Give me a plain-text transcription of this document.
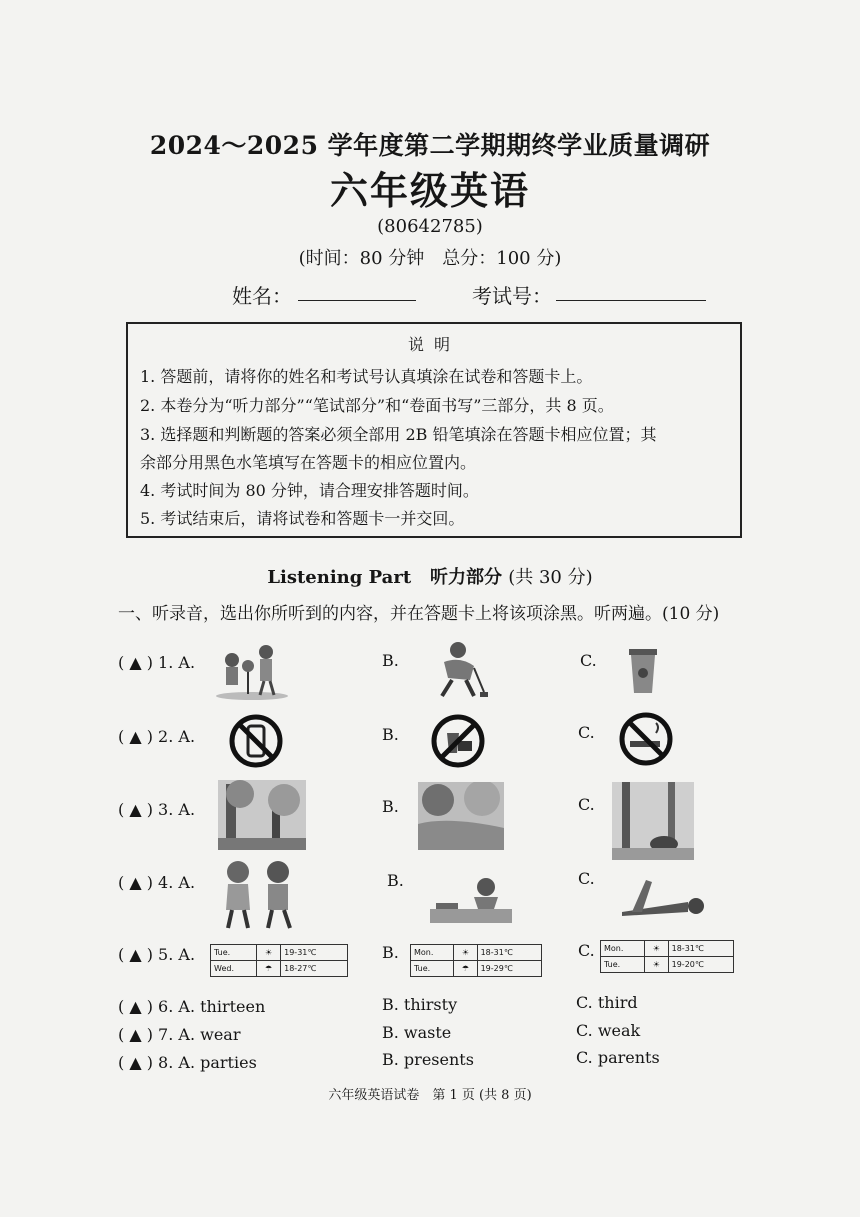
2024～2025 学年度第二学期期终学业质量调研
六年级英语
(80642785)
(时间：80 分钟　总分：100 分)
姓名：	考试号：
说明
1. 答题前，请将你的姓名和考试号认真填涂在试卷和答题卡上。
2. 本卷分为“听力部分”“笔试部分”和“卷面书写”三部分，共 8 页。
3. 选择题和判断题的答案必须全部用 2B 铅笔填涂在答题卡相应位置；其
余部分用黑色水笔填写在答题卡的相应位置内。
4. 考试时间为 80 分钟，请合理安排答题时间。
5. 考试结束后，请将试卷和答题卡一并交回。
Listening Part 听力部分 (共 30 分)
一、听录音，选出你所听到的内容，并在答题卡上将该项涂黑。听两遍。(10 分)
( ▲ ) 1. A.	B.	C.
( ▲ ) 2. A.	B.	C.
( ▲ ) 3. A.	B.	C.
( ▲ ) 4. A.	B.	C.
( ▲ ) 5. A. Tue.	☀	19-31℃
Wed.	☂	18-27℃
B. Mon.	☀	18-31℃
Tue.	☂	19-29℃
C. Mon.	☀	18-31℃
Tue.	☀	19-20℃
( ▲ ) 6. A. thirteen	B. thirsty	C. third
( ▲ ) 7. A. wear	B. waste	C. weak
( ▲ ) 8. A. parties	B. presents	C. parents
六年级英语试卷　第 1 页 (共 8 页)
